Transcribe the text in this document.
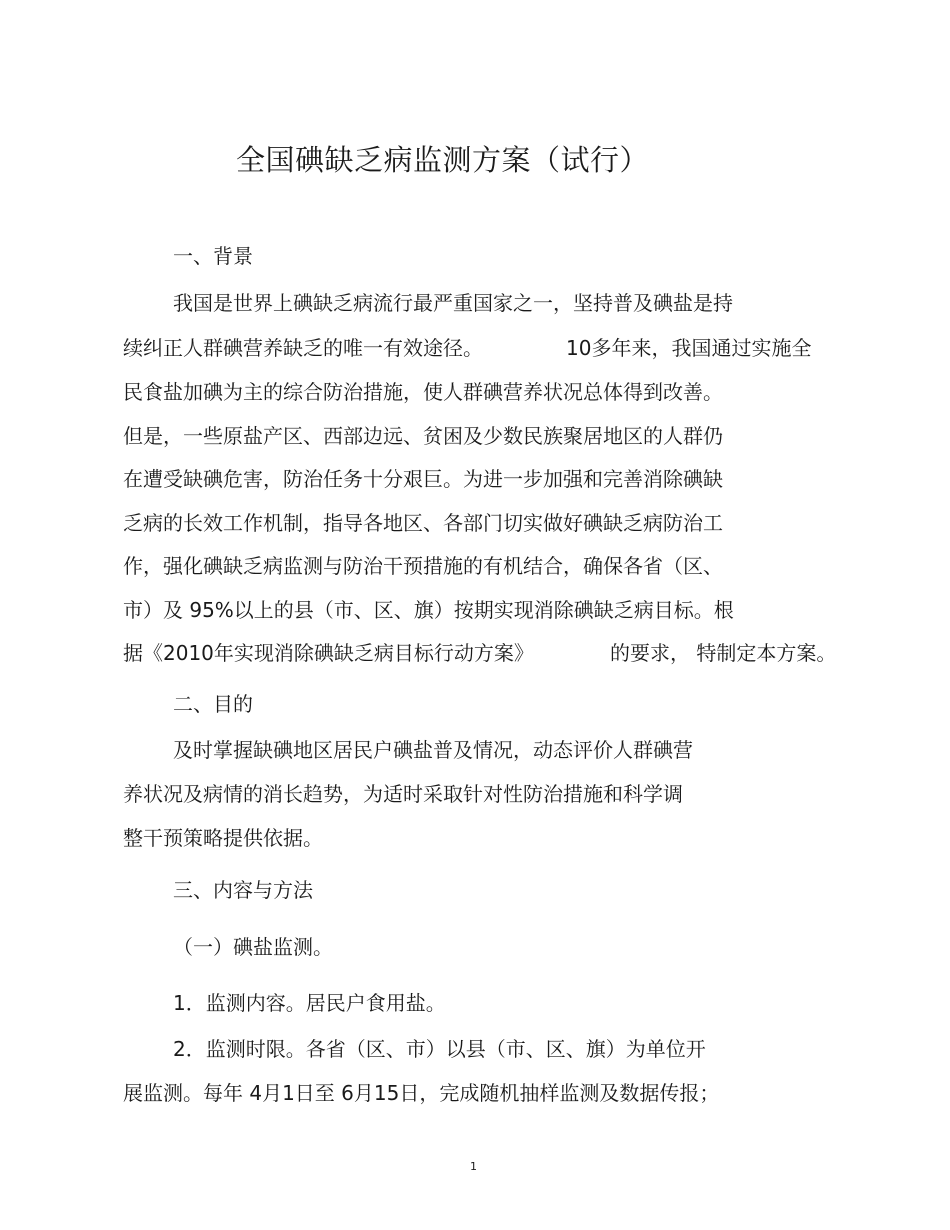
全国碘缺乏病监测方案（试行）
一、背景
我国是世界上碘缺乏病流行最严重国家之一，坚持普及碘盐是持
续纠正人群碘营养缺乏的唯一有效途径。	10多年来，我国通过实施全
民食盐加碘为主的综合防治措施，使人群碘营养状况总体得到改善。
但是，一些原盐产区、西部边远、贫困及少数民族聚居地区的人群仍
在遭受缺碘危害，防治任务十分艰巨。为进一步加强和完善消除碘缺
乏病的长效工作机制，指导各地区、各部门切实做好碘缺乏病防治工
作，强化碘缺乏病监测与防治干预措施的有机结合，确保各省（区、
市）及 95%以上的县（市、区、旗）按期实现消除碘缺乏病目标。根
据《2010年实现消除碘缺乏病目标行动方案》	的要求， 特制定本方案。
二、目的
及时掌握缺碘地区居民户碘盐普及情况，动态评价人群碘营
养状况及病情的消长趋势，为适时采取针对性防治措施和科学调
整干预策略提供依据。
三、内容与方法
（一）碘盐监测。
1．监测内容。居民户食用盐。
2．监测时限。各省（区、市）以县（市、区、旗）为单位开
展监测。每年 4月1日至 6月15日，完成随机抽样监测及数据传报；
1
